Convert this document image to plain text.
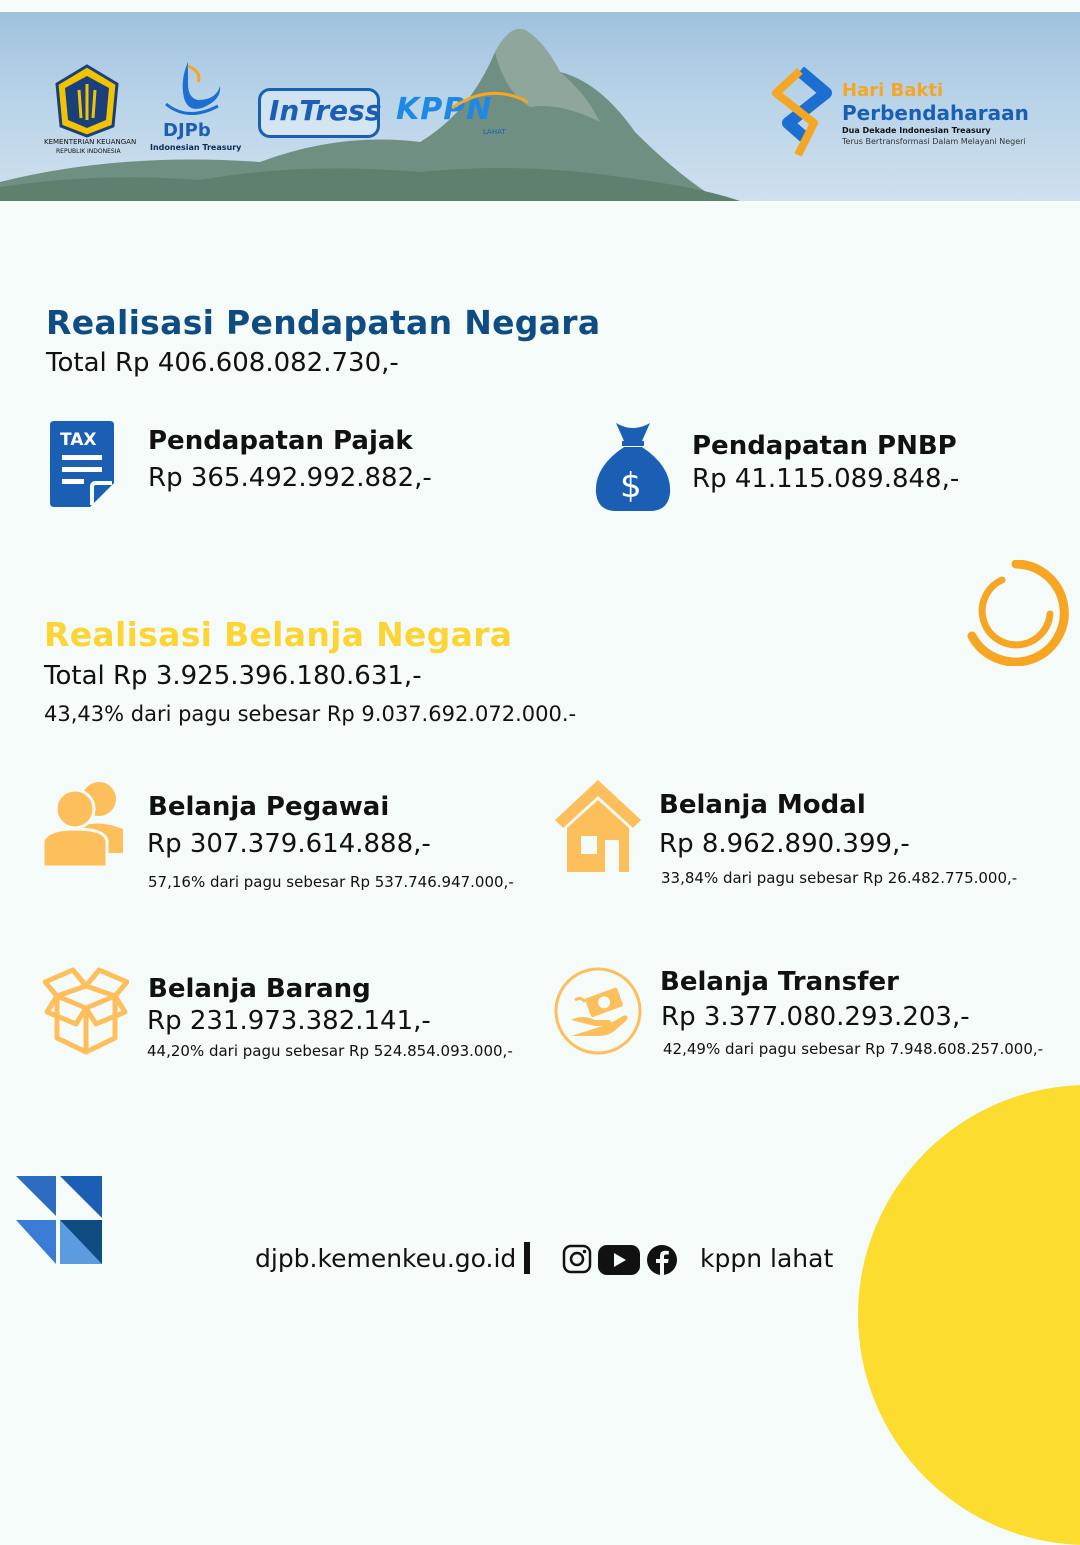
KEMENTERIAN KEUANGAN
REPUBLIK INDONESIA
DJPb
Indonesian Treasury
InTress KPPN
LAHAT
Hari Bakti
Perbendaharaan
Dua Dekade Indonesian Treasury
Terus Bertransformasi Dalam Melayani Negeri
Realisasi Pendapatan Negara
Total Rp 406.608.082.730,-
TAX Pendapatan Pajak
Rp 365.492.992.882,-	$
Pendapatan PNBP
Rp 41.115.089.848,-
Realisasi Belanja Negara
Total Rp 3.925.396.180.631,-
43,43% dari pagu sebesar Rp 9.037.692.072.000.-
Belanja Pegawai
Rp 307.379.614.888,-
57,16% dari pagu sebesar Rp 537.746.947.000,-
Belanja Modal
Rp 8.962.890.399,-
33,84% dari pagu sebesar Rp 26.482.775.000,-
Belanja Barang
Rp 231.973.382.141,-
44,20% dari pagu sebesar Rp 524.854.093.000,-
Belanja Transfer
Rp 3.377.080.293.203,-
42,49% dari pagu sebesar Rp 7.948.608.257.000,-
djpb.kemenkeu.go.id	kppn lahat
